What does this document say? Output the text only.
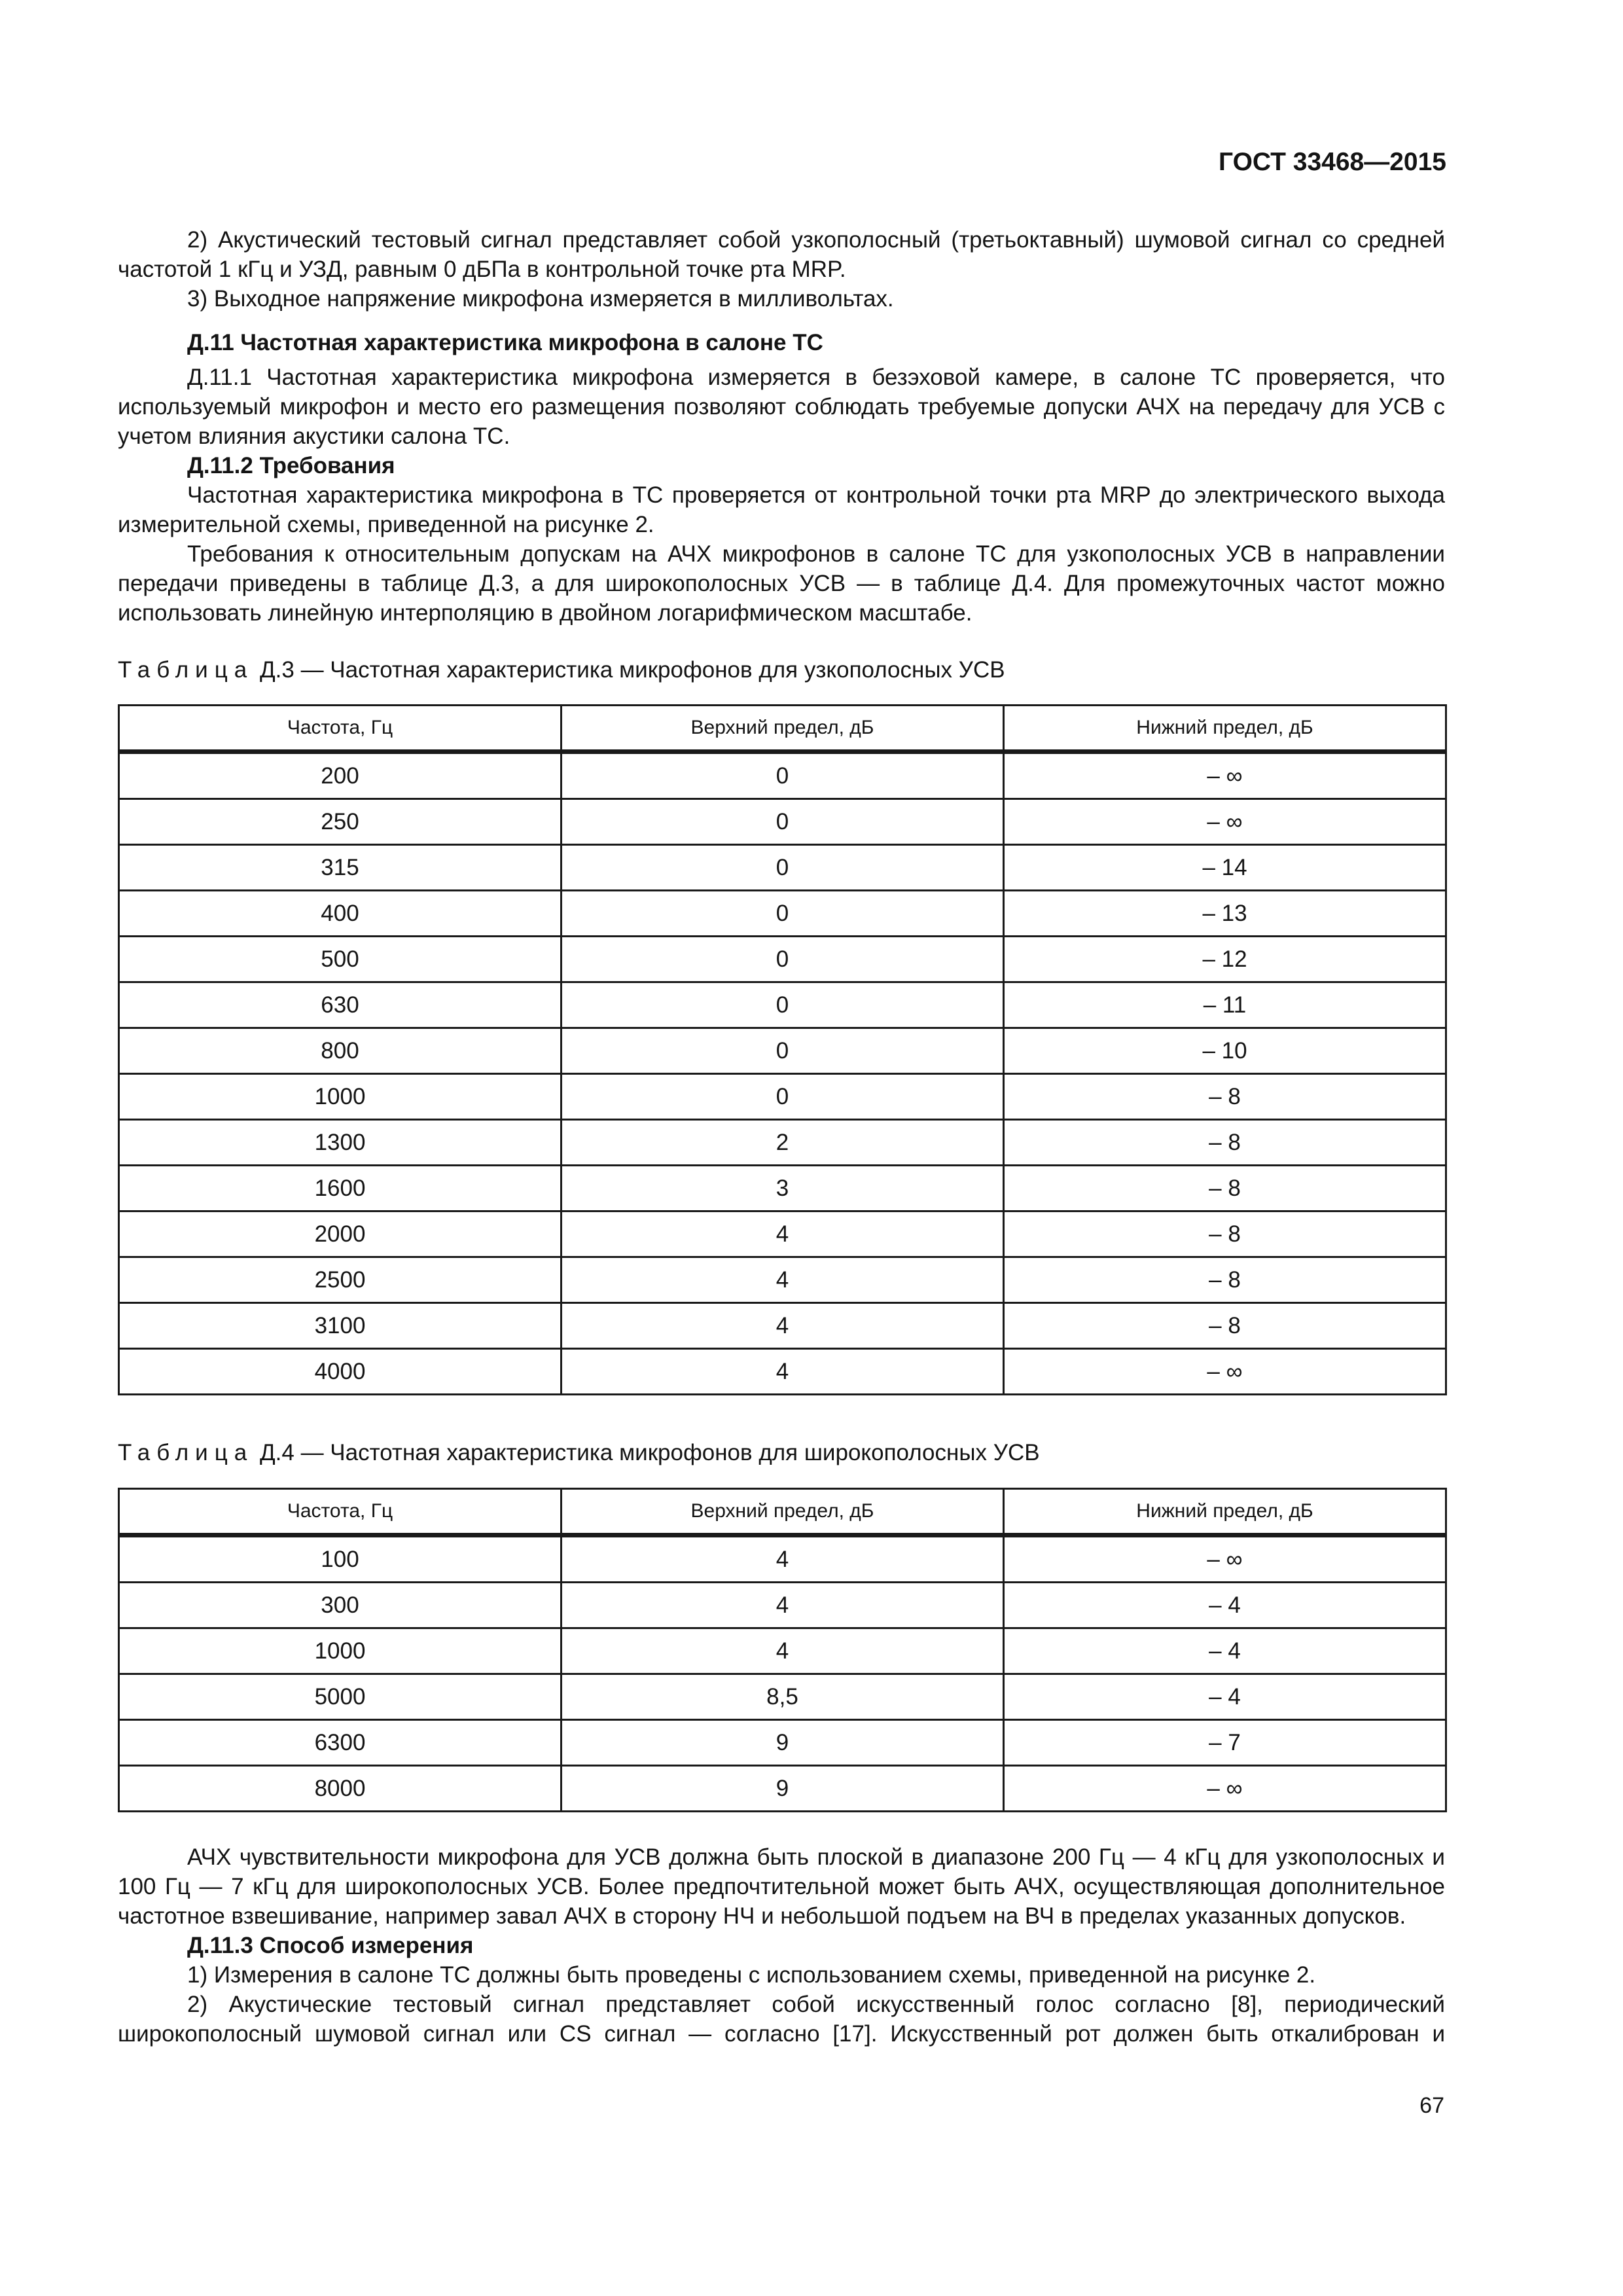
ГОСТ 33468—2015

2) Акустический тестовый сигнал представляет собой узкополосный (третьоктавный) шумовой сигнал со средней частотой 1 кГц и УЗД, равным 0 дБПа в контрольной точке рта MRP.

3) Выходное напряжение микрофона измеряется в милливольтах.

Д.11 Частотная характеристика микрофона в салоне ТС

Д.11.1 Частотная характеристика микрофона измеряется в безэховой камере, в салоне ТС проверяется, что используемый микрофон и место его размещения позволяют соблюдать требуемые допуски АЧХ на передачу для УСВ с учетом влияния акустики салона ТС.

Д.11.2 Требования

Частотная характеристика микрофона в ТС проверяется от контрольной точки рта MRP до электрического выхода измерительной схемы, приведенной на рисунке 2.

Требования к относительным допускам на АЧХ микрофонов в салоне ТС для узкополосных УСВ в направлении передачи приведены в таблице Д.3, а для широкополосных УСВ — в таблице Д.4. Для промежуточных частот можно использовать линейную интерполяцию в двойном логарифмическом масштабе.

Таблица Д.3 — Частотная характеристика микрофонов для узкополосных УСВ
Частота, Гц	Верхний предел, дБ	Нижний предел, дБ
200	0	– ∞
250	0	– ∞
315	0	– 14
400	0	– 13
500	0	– 12
630	0	– 11
800	0	– 10
1000	0	– 8
1300	2	– 8
1600	3	– 8
2000	4	– 8
2500	4	– 8
3100	4	– 8
4000	4	– ∞
Таблица Д.4 — Частотная характеристика микрофонов для широкополосных УСВ
Частота, Гц	Верхний предел, дБ	Нижний предел, дБ
100	4	– ∞
300	4	– 4
1000	4	– 4
5000	8,5	– 4
6300	9	– 7
8000	9	– ∞

АЧХ чувствительности микрофона для УСВ должна быть плоской в диапазоне 200 Гц — 4 кГц для узкополосных и 100 Гц — 7 кГц для широкополосных УСВ. Более предпочтительной может быть АЧХ, осуществляющая дополнительное частотное взвешивание, например завал АЧХ в сторону НЧ и небольшой подъем на ВЧ в пределах указанных допусков.

Д.11.3 Способ измерения

1) Измерения в салоне ТС должны быть проведены с использованием схемы, приведенной на рисунке 2.

2) Акустические тестовый сигнал представляет собой искусственный голос согласно [8], периодический широкополосный шумовой сигнал или CS сигнал — согласно [17]. Искусственный рот должен быть откалиброван и

67
